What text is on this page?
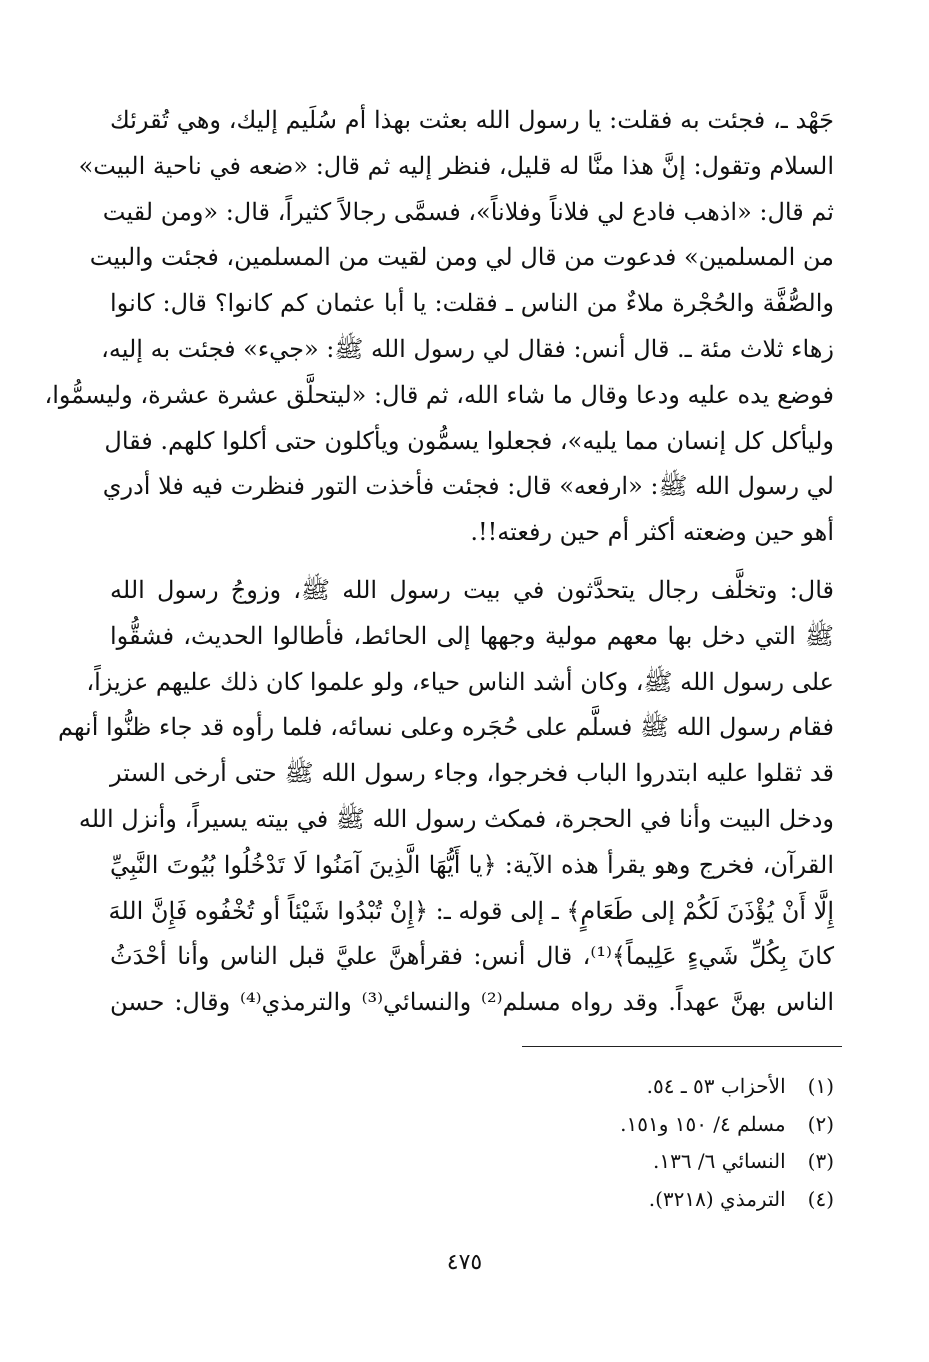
جَهْد ـ، فجئت به فقلت: يا رسول الله بعثت بهذا أم سُلَيم إليك، وهي تُقرئك
السلام وتقول: إنَّ هذا منَّا له قليل، فنظر إليه ثم قال: «ضعه في ناحية البيت»
ثم قال: «اذهب فادع لي فلاناً وفلاناً»، فسمَّى رجالاً كثيراً، قال: «ومن لقيت
من المسلمين» فدعوت من قال لي ومن لقيت من المسلمين، فجئت والبيت
والصُّفَّة والحُجْرة ملاءٌ من الناس ـ فقلت: يا أبا عثمان كم كانوا؟ قال: كانوا
زهاء ثلاث مئة ـ. قال أنس: فقال لي رسول الله ﷺ: «جيء» فجئت به إليه،
فوضع يده عليه ودعا وقال ما شاء الله، ثم قال: «ليتحلَّق عشرة عشرة، وليسمُّوا،
وليأكل كل إنسان مما يليه»، فجعلوا يسمُّون ويأكلون حتى أكلوا كلهم. فقال
لي رسول الله ﷺ: «ارفعه» قال: فجئت فأخذت التور فنظرت فيه فلا أدري
أهو حين وضعته أكثر أم حين رفعته!!.
قال: وتخلَّف رجال يتحدَّثون في بيت رسول الله ﷺ، وزوجُ رسول الله
ﷺ التي دخل بها معهم مولية وجهها إلى الحائط، فأطالوا الحديث، فشقُّوا
على رسول الله ﷺ، وكان أشد الناس حياء، ولو علموا كان ذلك عليهم عزيزاً،
فقام رسول الله ﷺ فسلَّم على حُجَره وعلى نسائه، فلما رأوه قد جاء ظنُّوا أنهم
قد ثقلوا عليه ابتدروا الباب فخرجوا، وجاء رسول الله ﷺ حتى أرخى الستر
ودخل البيت وأنا في الحجرة، فمكث رسول الله ﷺ في بيته يسيراً، وأنزل الله
القرآن، فخرج وهو يقرأ هذه الآية: ﴿يا أَيُّهَا الَّذِينَ آمَنُوا لَا تَدْخُلُوا بُيُوتَ النَّبِيِّ
إِلَّا أَنْ يُؤْذَنَ لَكُمْ إلى طَعَامٍ﴾ ـ إلى قوله ـ: ﴿إِنْ تُبْدُوا شَيْئاً أو تُخْفُوه فَإِنَّ اللهَ
كانَ بِكُلِّ شَيءٍ عَلِيماً﴾⁽¹⁾، قال أنس: فقرأهنَّ عليَّ قبل الناس وأنا أحْدَثُ
الناس بهنَّ عهداً. وقد رواه مسلم⁽²⁾ والنسائي⁽³⁾ والترمذي⁽⁴⁾ وقال: حسن
(١) الأحزاب ٥٣ ـ ٥٤.
(٢) مسلم ٤/ ١٥٠ و١٥١.
(٣) النسائي ٦/ ١٣٦.
(٤) الترمذي (٣٢١٨).
٤٧٥
